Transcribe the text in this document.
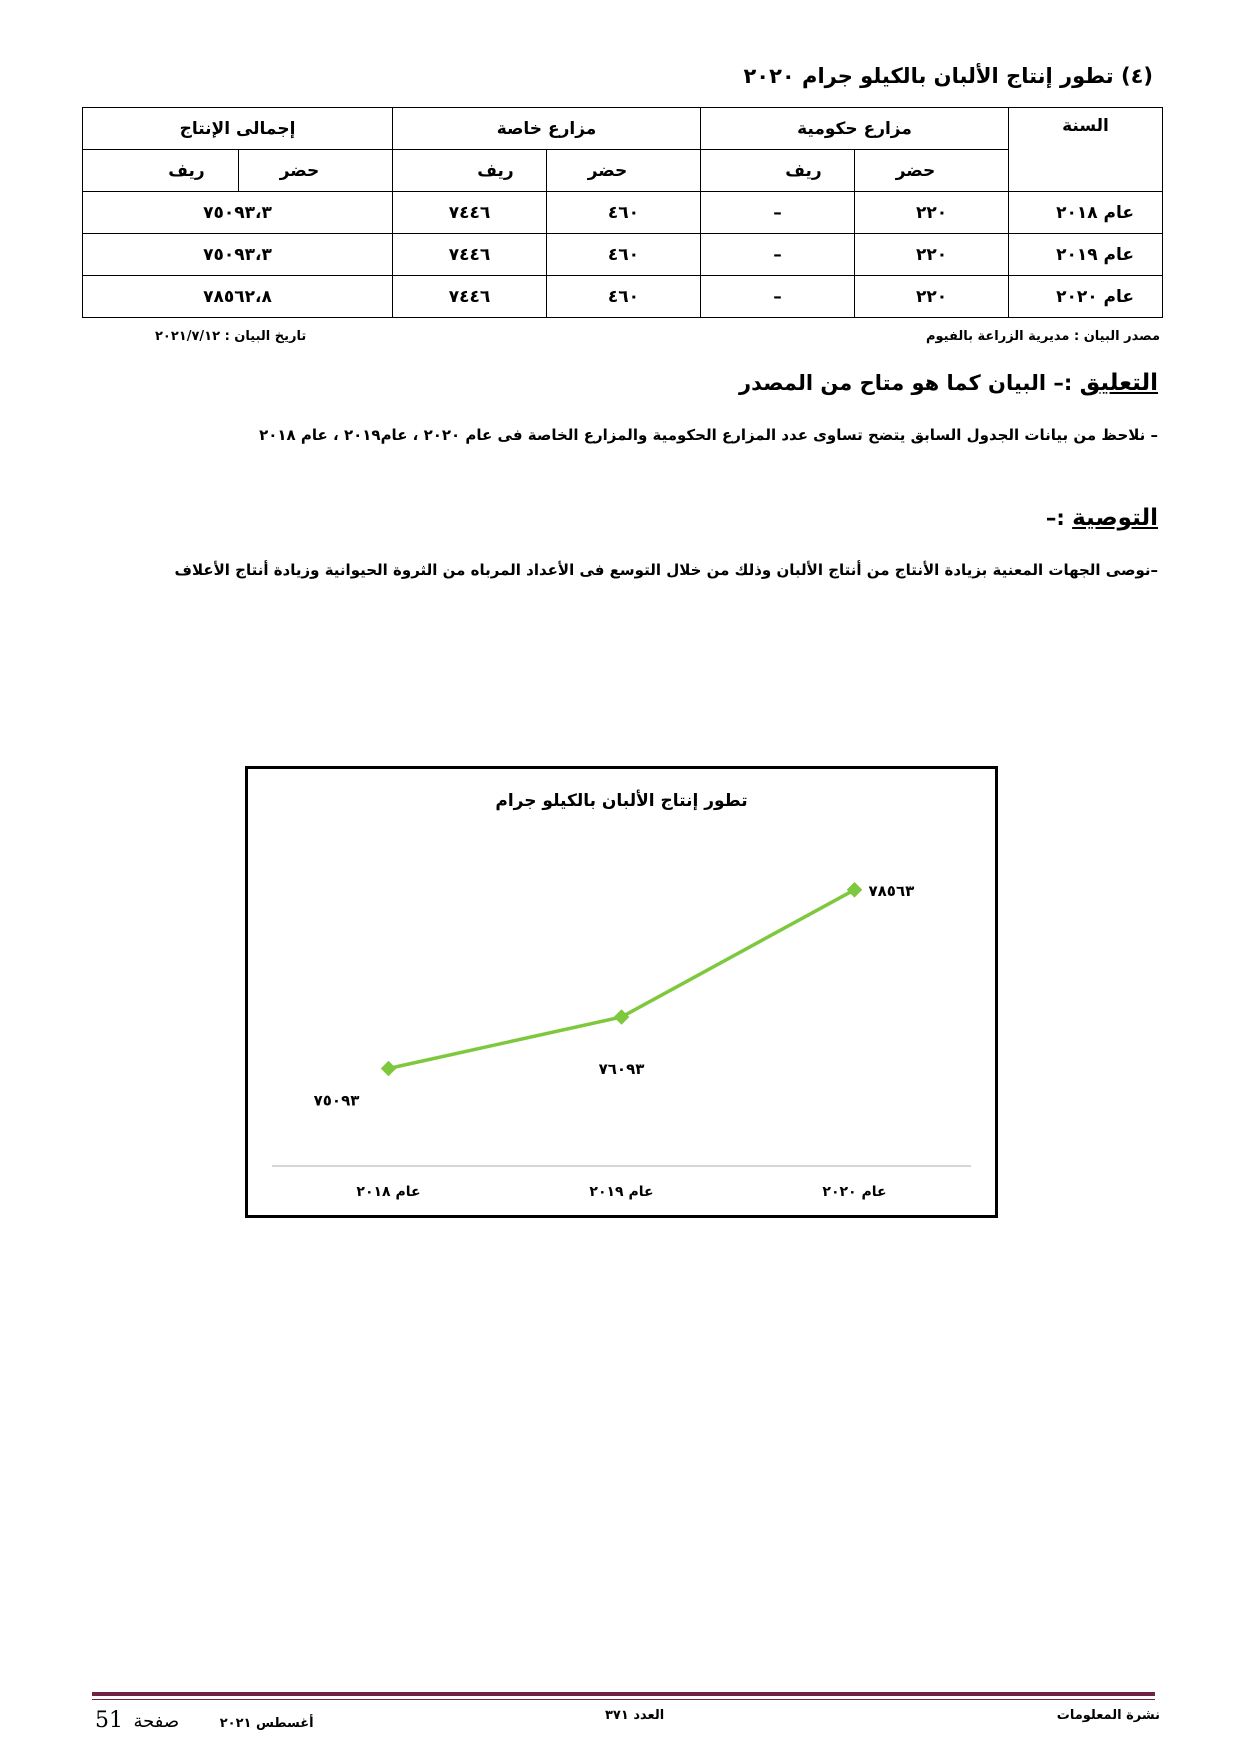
(٤) تطور إنتاج الألبان بالكيلو جرام ٢٠٢٠
السنة	مزارع حكومية		مزارع خاصة		إجمالى الإنتاج	
	حضر	ريف	حضر	ريف	حضر	ريف
عام ٢٠١٨	٢٢٠	–	٤٦٠	٧٤٤٦	٧٥٠٩٣،٣	
عام ٢٠١٩	٢٢٠	–	٤٦٠	٧٤٤٦	٧٥٠٩٣،٣	
عام ٢٠٢٠	٢٢٠	–	٤٦٠	٧٤٤٦	٧٨٥٦٢،٨	
مصدر البيان : مديرية الزراعة بالفيوم
تاريخ البيان : ٢٠٢١/٧/١٢
التعليق :– البيان كما هو متاح من المصدر
– نلاحظ من بيانات الجدول السابق يتضح تساوى عدد المزارع الحكومية والمزارع الخاصة فى عام ٢٠٢٠ ، عام٢٠١٩ ، عام ٢٠١٨
التوصية :–
–نوصى الجهات المعنية بزيادة الأنتاج من أنتاج الألبان وذلك من خلال التوسع فى الأعداد المرباه من الثروة الحيوانية وزيادة أنتاج الأعلاف
تطور إنتاج الألبان بالكيلو جرام
٧٥٠٩٣
٧٦٠٩٣
٧٨٥٦٣
عام ٢٠١٨	عام ٢٠١٩	عام ٢٠٢٠
نشرة المعلومات
العدد ٣٧١
أغسطس ٢٠٢١ صفحة 51
